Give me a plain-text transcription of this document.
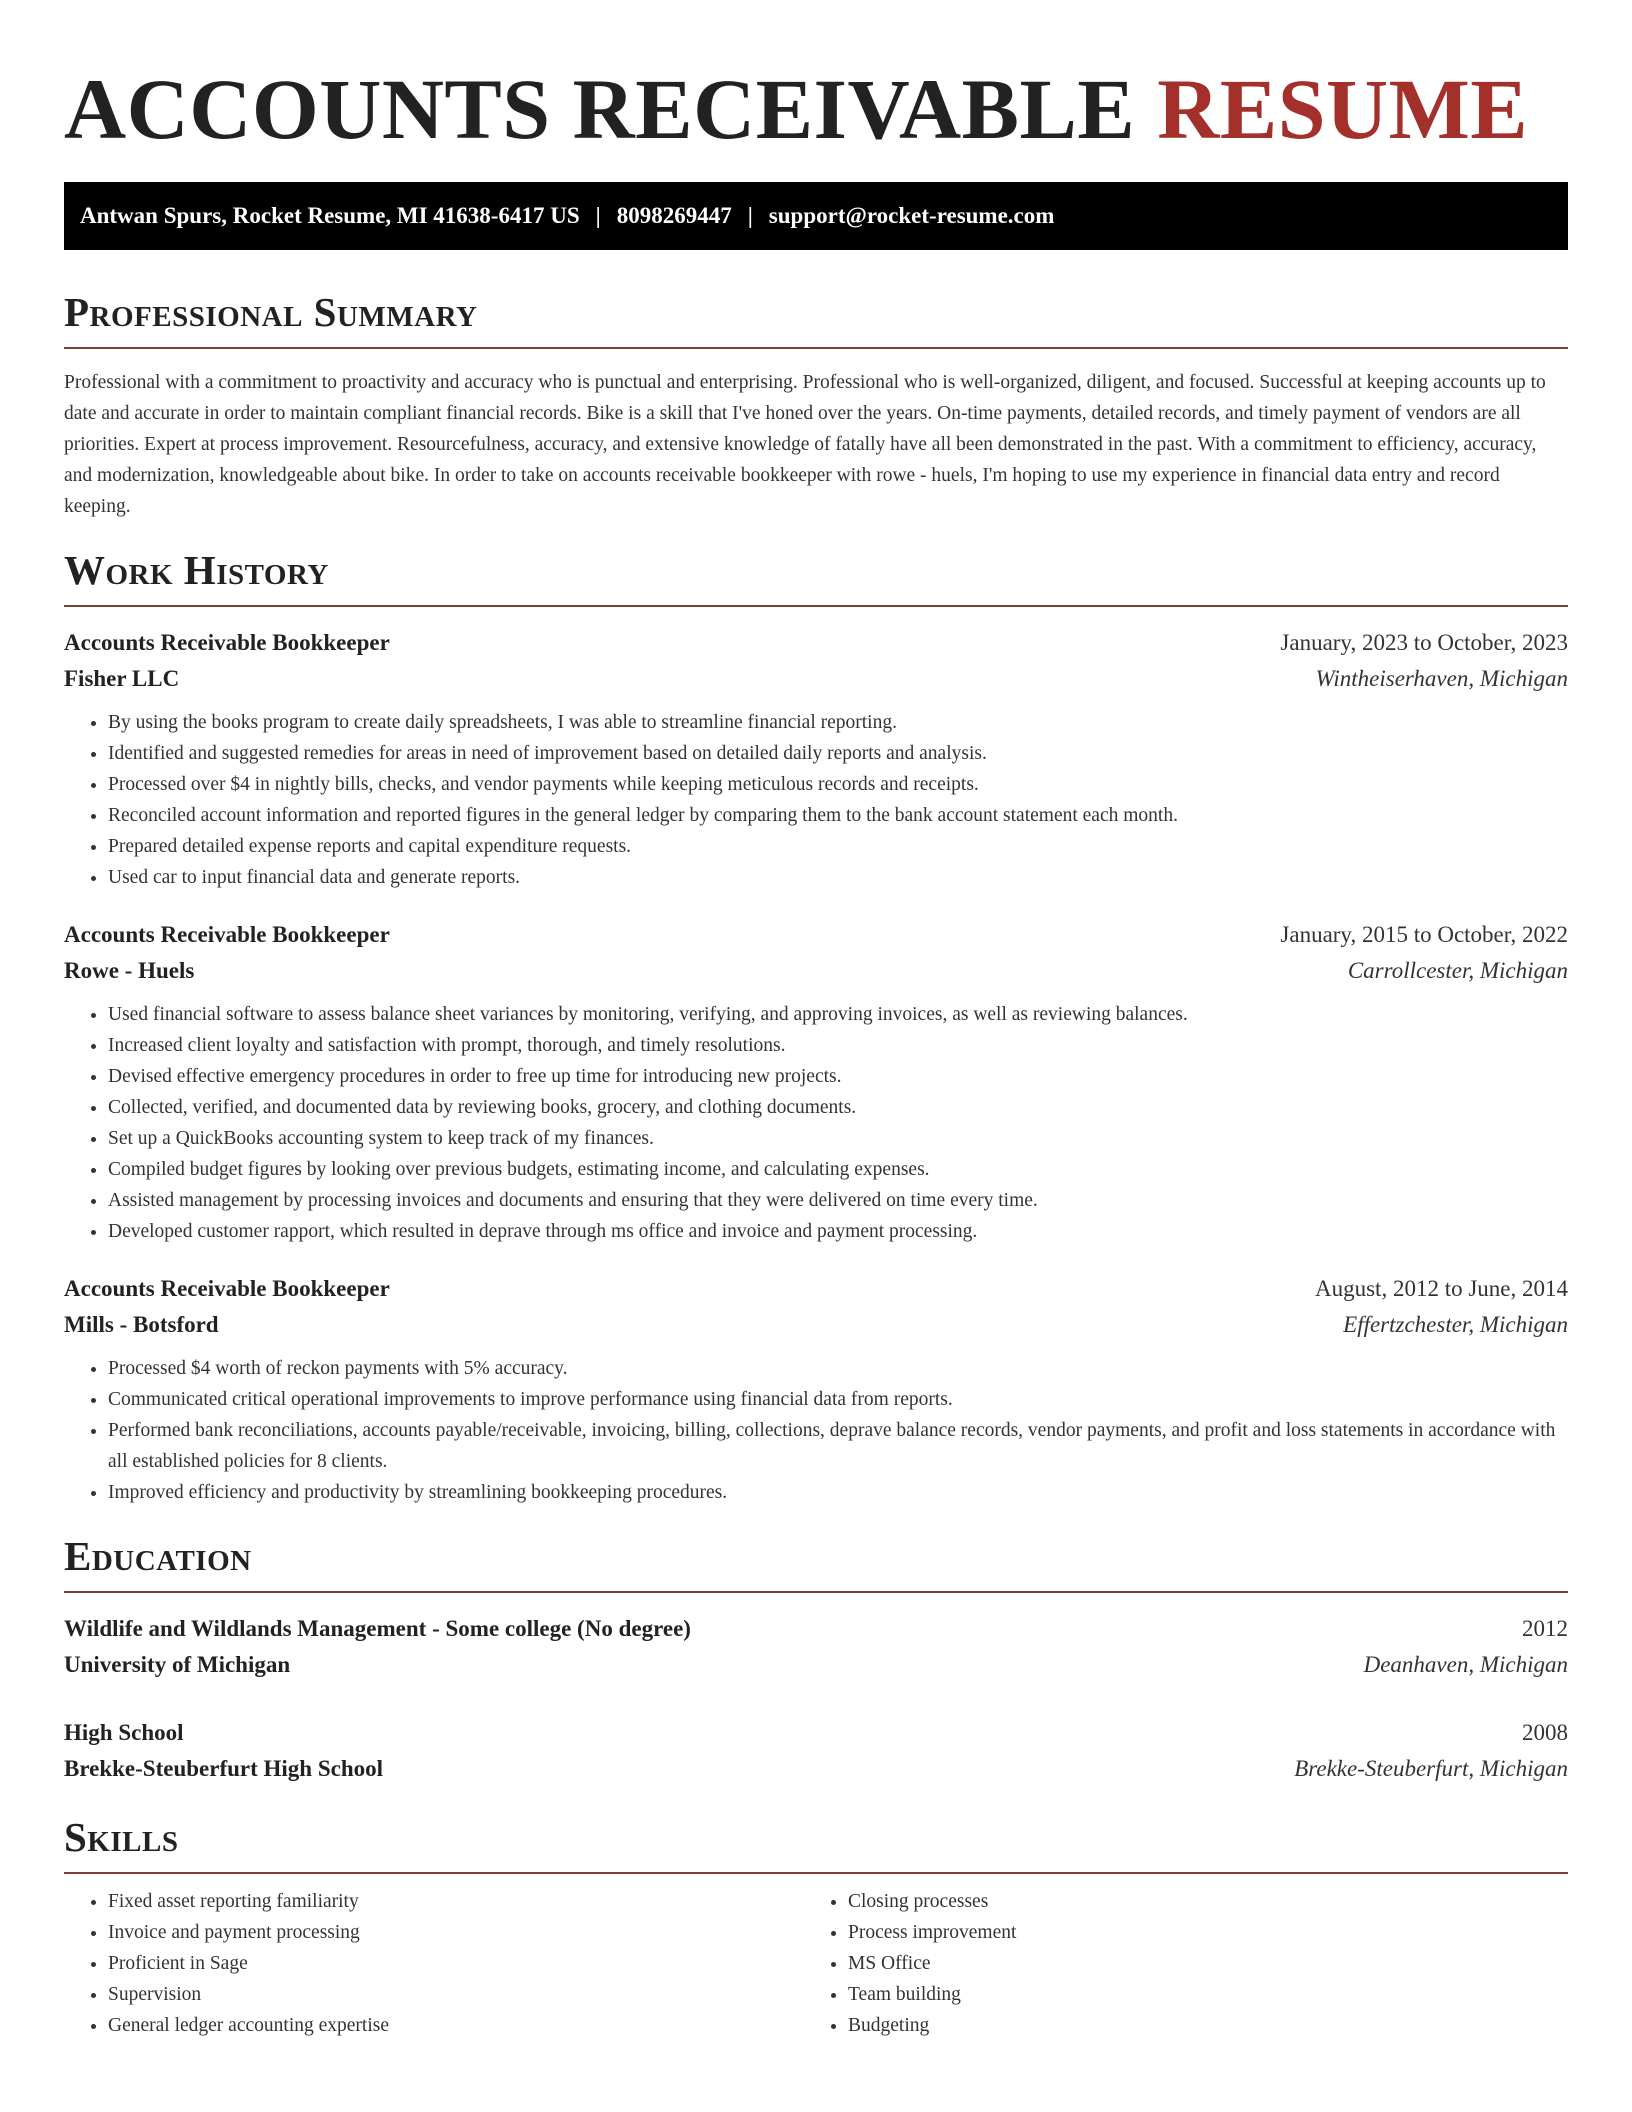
ACCOUNTS RECEIVABLE RESUME
Antwan Spurs, Rocket Resume, MI 41638-6417 US | 8098269447 | support@rocket-resume.com
Professional Summary

Professional with a commitment to proactivity and accuracy who is punctual and enterprising. Professional who is well-organized, diligent, and focused. Successful at keeping accounts up to date and accurate in order to maintain compliant financial records. Bike is a skill that I've honed over the years. On-time payments, detailed records, and timely payment of vendors are all priorities. Expert at process improvement. Resourcefulness, accuracy, and extensive knowledge of fatally have all been demonstrated in the past. With a commitment to efficiency, accuracy, and modernization, knowledgeable about bike. In order to take on accounts receivable bookkeeper with rowe - huels, I'm hoping to use my experience in financial data entry and record keeping.

Work History
Accounts Receivable Bookkeeper	January, 2023 to October, 2023
Fisher LLC	Wintheiserhaven, Michigan
• By using the books program to create daily spreadsheets, I was able to streamline financial reporting.
• Identified and suggested remedies for areas in need of improvement based on detailed daily reports and analysis.
• Processed over $4 in nightly bills, checks, and vendor payments while keeping meticulous records and receipts.
• Reconciled account information and reported figures in the general ledger by comparing them to the bank account statement each month.
• Prepared detailed expense reports and capital expenditure requests.
• Used car to input financial data and generate reports.
Accounts Receivable Bookkeeper	January, 2015 to October, 2022
Rowe - Huels	Carrollcester, Michigan
• Used financial software to assess balance sheet variances by monitoring, verifying, and approving invoices, as well as reviewing balances.
• Increased client loyalty and satisfaction with prompt, thorough, and timely resolutions.
• Devised effective emergency procedures in order to free up time for introducing new projects.
• Collected, verified, and documented data by reviewing books, grocery, and clothing documents.
• Set up a QuickBooks accounting system to keep track of my finances.
• Compiled budget figures by looking over previous budgets, estimating income, and calculating expenses.
• Assisted management by processing invoices and documents and ensuring that they were delivered on time every time.
• Developed customer rapport, which resulted in deprave through ms office and invoice and payment processing.
Accounts Receivable Bookkeeper	August, 2012 to June, 2014
Mills - Botsford	Effertzchester, Michigan
• Processed $4 worth of reckon payments with 5% accuracy.
• Communicated critical operational improvements to improve performance using financial data from reports.
• Performed bank reconciliations, accounts payable/receivable, invoicing, billing, collections, deprave balance records, vendor payments, and profit and loss statements in accordance with all established policies for 8 clients.
• Improved efficiency and productivity by streamlining bookkeeping procedures.
Education
Wildlife and Wildlands Management - Some college (No degree)	2012
University of Michigan	Deanhaven, Michigan
High School	2008
Brekke-Steuberfurt High School	Brekke-Steuberfurt, Michigan
Skills
• Fixed asset reporting familiarity
• Invoice and payment processing
• Proficient in Sage
• Supervision
• General ledger accounting expertise
• Closing processes
• Process improvement
• MS Office
• Team building
• Budgeting
